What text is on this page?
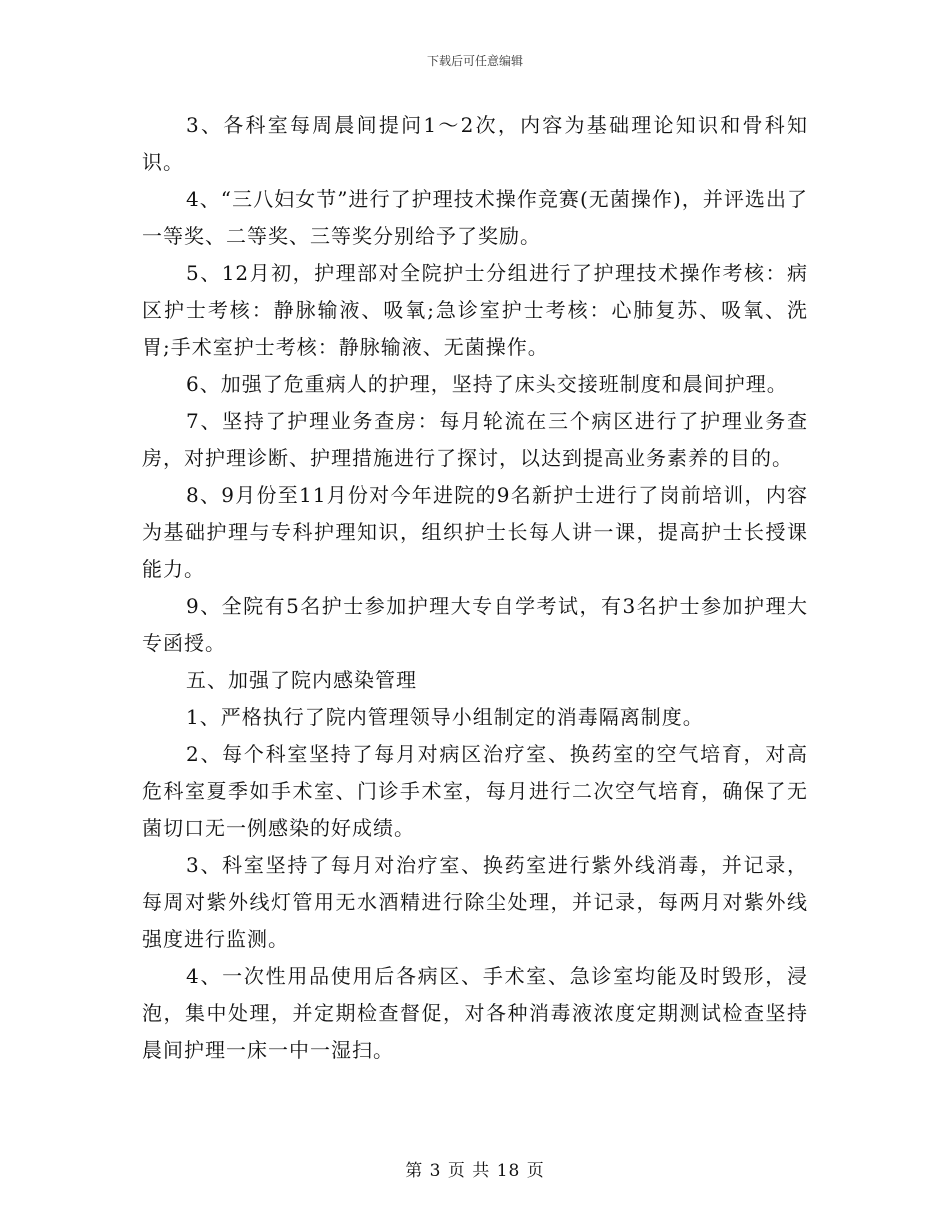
下载后可任意编辑

3、各科室每周晨间提问1～2次，内容为基础理论知识和骨科知识。

4、“三八妇女节”进行了护理技术操作竞赛(无菌操作)，并评选出了一等奖、二等奖、三等奖分别给予了奖励。

5、12月初，护理部对全院护士分组进行了护理技术操作考核：病区护士考核：静脉输液、吸氧;急诊室护士考核：心肺复苏、吸氧、洗胃;手术室护士考核：静脉输液、无菌操作。

6、加强了危重病人的护理，坚持了床头交接班制度和晨间护理。

7、坚持了护理业务查房：每月轮流在三个病区进行了护理业务查房，对护理诊断、护理措施进行了探讨，以达到提高业务素养的目的。

8、9月份至11月份对今年进院的9名新护士进行了岗前培训，内容为基础护理与专科护理知识，组织护士长每人讲一课，提高护士长授课能力。

9、全院有5名护士参加护理大专自学考试，有3名护士参加护理大专函授。

五、加强了院内感染管理

1、严格执行了院内管理领导小组制定的消毒隔离制度。

2、每个科室坚持了每月对病区治疗室、换药室的空气培育，对高危科室夏季如手术室、门诊手术室，每月进行二次空气培育，确保了无菌切口无一例感染的好成绩。

3、科室坚持了每月对治疗室、换药室进行紫外线消毒，并记录，每周对紫外线灯管用无水酒精进行除尘处理，并记录，每两月对紫外线强度进行监测。

4、一次性用品使用后各病区、手术室、急诊室均能及时毁形，浸泡，集中处理，并定期检查督促，对各种消毒液浓度定期测试检查坚持晨间护理一床一中一湿扫。

第 3 页 共 18 页
